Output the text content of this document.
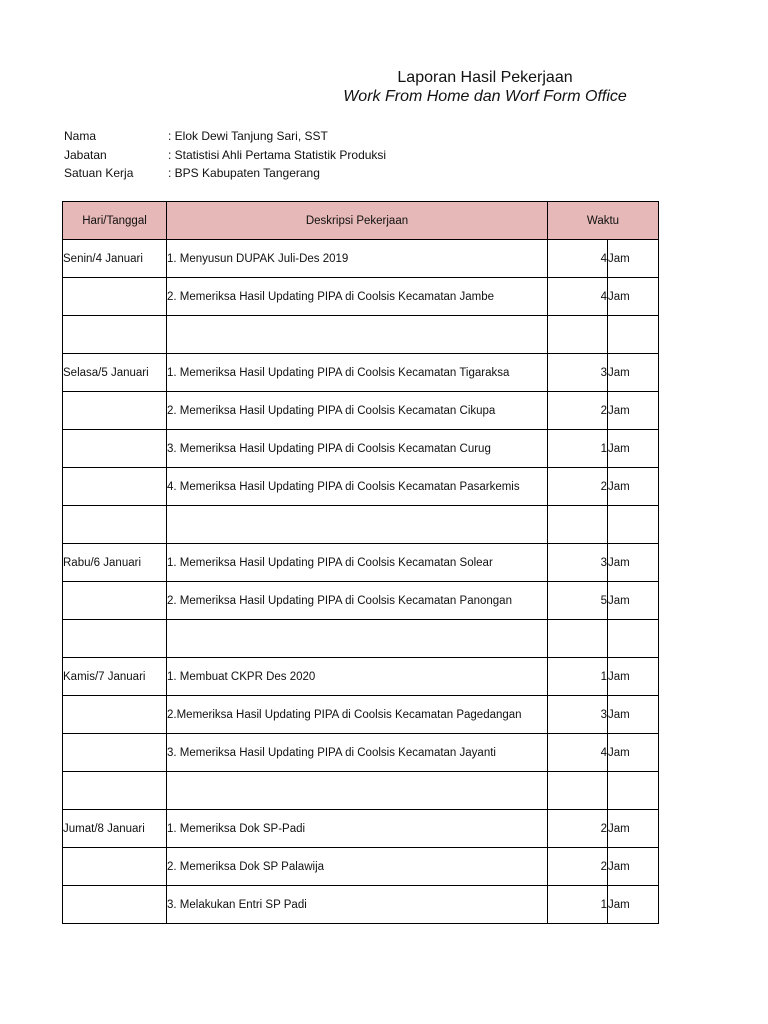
Laporan Hasil Pekerjaan
Work From Home dan Worf Form Office
Nama	: Elok Dewi Tanjung Sari, SST
Jabatan	: Statistisi Ahli Pertama Statistik Produksi
Satuan Kerja	: BPS Kabupaten Tangerang
Hari/Tanggal	Deskripsi Pekerjaan	Waktu	
Senin/4 Januari	1. Menyusun DUPAK Juli-Des 2019	4	Jam
	2. Memeriksa Hasil Updating PIPA di Coolsis Kecamatan Jambe	4	Jam

Selasa/5 Januari	1. Memeriksa Hasil Updating PIPA di Coolsis Kecamatan Tigaraksa	3	Jam
	2. Memeriksa Hasil Updating PIPA di Coolsis Kecamatan Cikupa	2	Jam
	3. Memeriksa Hasil Updating PIPA di Coolsis Kecamatan Curug	1	Jam
	4. Memeriksa Hasil Updating PIPA di Coolsis Kecamatan Pasarkemis	2	Jam

Rabu/6 Januari	1. Memeriksa Hasil Updating PIPA di Coolsis Kecamatan Solear	3	Jam
	2. Memeriksa Hasil Updating PIPA di Coolsis Kecamatan Panongan	5	Jam

Kamis/7 Januari	1. Membuat CKPR Des 2020	1	Jam
	2.Memeriksa Hasil Updating PIPA di Coolsis Kecamatan Pagedangan	3	Jam
	3. Memeriksa Hasil Updating PIPA di Coolsis Kecamatan Jayanti	4	Jam

Jumat/8 Januari	1. Memeriksa Dok SP-Padi	2	Jam
	2. Memeriksa Dok SP Palawija	2	Jam
	3. Melakukan Entri SP Padi	1	Jam
